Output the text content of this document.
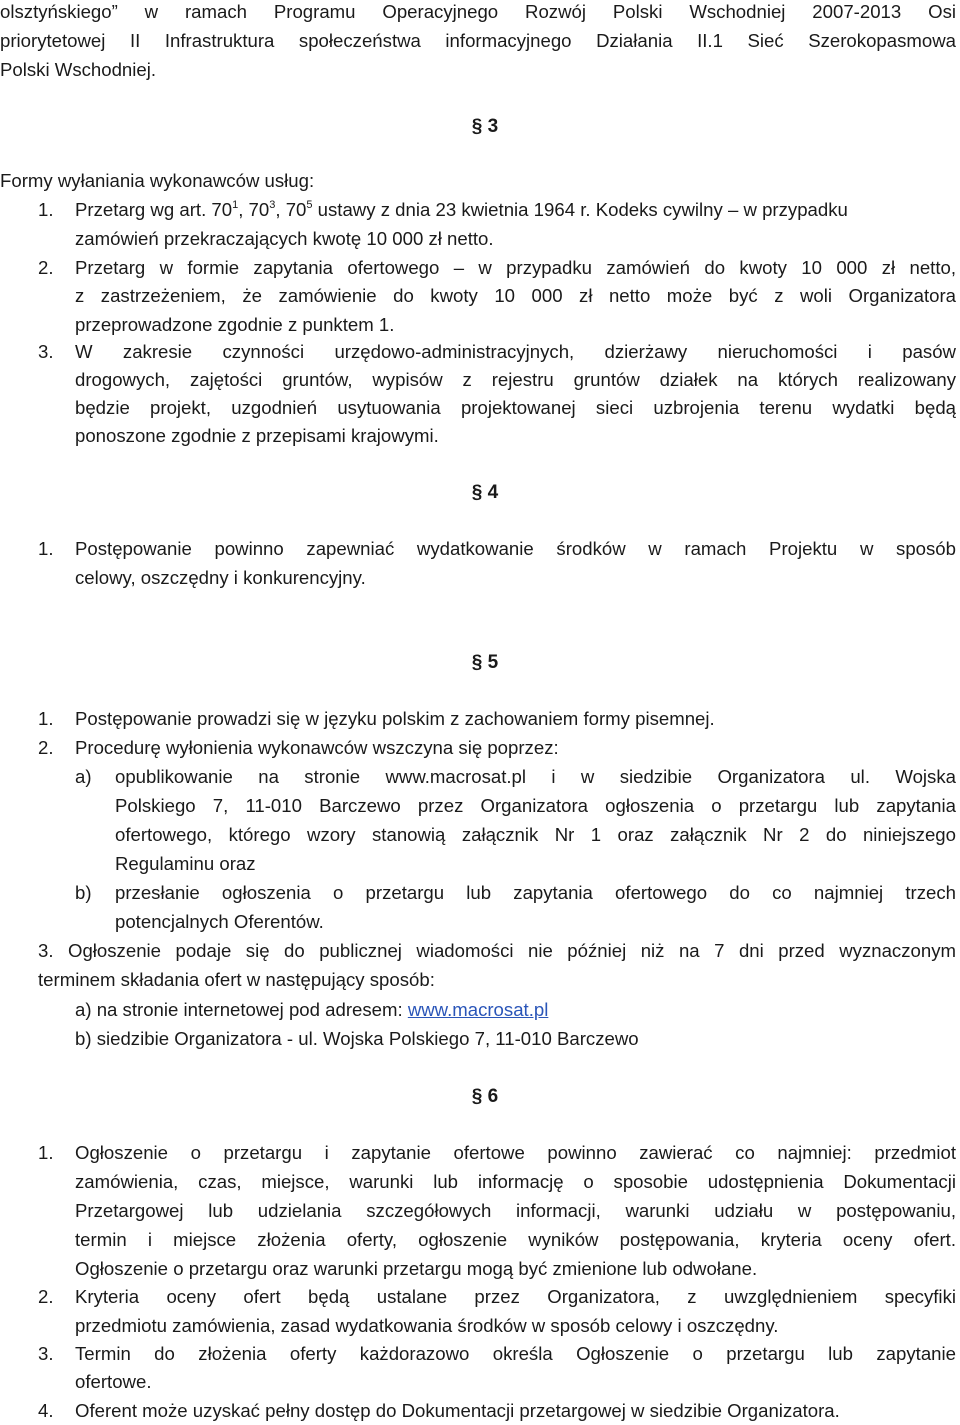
olsztyńskiego” w ramach Programu Operacyjnego Rozwój Polski Wschodniej 2007-2013 Osi
priorytetowej II Infrastruktura społeczeństwa informacyjnego Działania II.1 Sieć Szerokopasmowa
Polski Wschodniej.
§ 3
Formy wyłaniania wykonawców usług:
1. Przetarg wg art. $70^1$, $70^3$, $70^5$ ustawy z dnia 23 kwietnia 1964 r. Kodeks cywilny – w przypadku
zamówień przekraczających kwotę 10 000 zł netto.
2. Przetarg w formie zapytania ofertowego – w przypadku zamówień do kwoty 10 000 zł netto,
z zastrzeżeniem, że zamówienie do kwoty 10 000 zł netto może być z woli Organizatora
przeprowadzone zgodnie z punktem 1.
3. W zakresie czynności urzędowo-administracyjnych, dzierżawy nieruchomości i pasów
drogowych, zajętości gruntów, wypisów z rejestru gruntów działek na których realizowany
będzie projekt, uzgodnień usytuowania projektowanej sieci uzbrojenia terenu wydatki będą
ponoszone zgodnie z przepisami krajowymi.
§ 4
1. Postępowanie powinno zapewniać wydatkowanie środków w ramach Projektu w sposób
celowy, oszczędny i konkurencyjny.
§ 5
1. Postępowanie prowadzi się w języku polskim z zachowaniem formy pisemnej.
2. Procedurę wyłonienia wykonawców wszczyna się poprzez:
a)	opublikowanie na stronie www.macrosat.pl i w siedzibie Organizatora ul. Wojska
Polskiego 7, 11-010 Barczewo przez Organizatora ogłoszenia o przetargu lub zapytania
ofertowego, którego wzory stanowią załącznik Nr 1 oraz załącznik Nr 2 do niniejszego
Regulaminu oraz
b)	przesłanie ogłoszenia o przetargu lub zapytania ofertowego do co najmniej trzech
potencjalnych Oferentów.
3. Ogłoszenie podaje się do publicznej wiadomości nie później niż na 7 dni przed wyznaczonym
terminem składania ofert w następujący sposób:
a) na stronie internetowej pod adresem: www.macrosat.pl
b) siedzibie Organizatora - ul. Wojska Polskiego 7, 11-010 Barczewo
§ 6
1. Ogłoszenie o przetargu i zapytanie ofertowe powinno zawierać co najmniej: przedmiot
zamówienia, czas, miejsce, warunki lub informację o sposobie udostępnienia Dokumentacji
Przetargowej lub udzielania szczegółowych informacji, warunki udziału w postępowaniu,
termin i miejsce złożenia oferty, ogłoszenie wyników postępowania, kryteria oceny ofert.
Ogłoszenie o przetargu oraz warunki przetargu mogą być zmienione lub odwołane.
2. Kryteria oceny ofert będą ustalane przez Organizatora, z uwzględnieniem specyfiki
przedmiotu zamówienia, zasad wydatkowania środków w sposób celowy i oszczędny.
3. Termin do złożenia oferty każdorazowo określa Ogłoszenie o przetargu lub zapytanie
ofertowe.
4. Oferent może uzyskać pełny dostęp do Dokumentacji przetargowej w siedzibie Organizatora.
